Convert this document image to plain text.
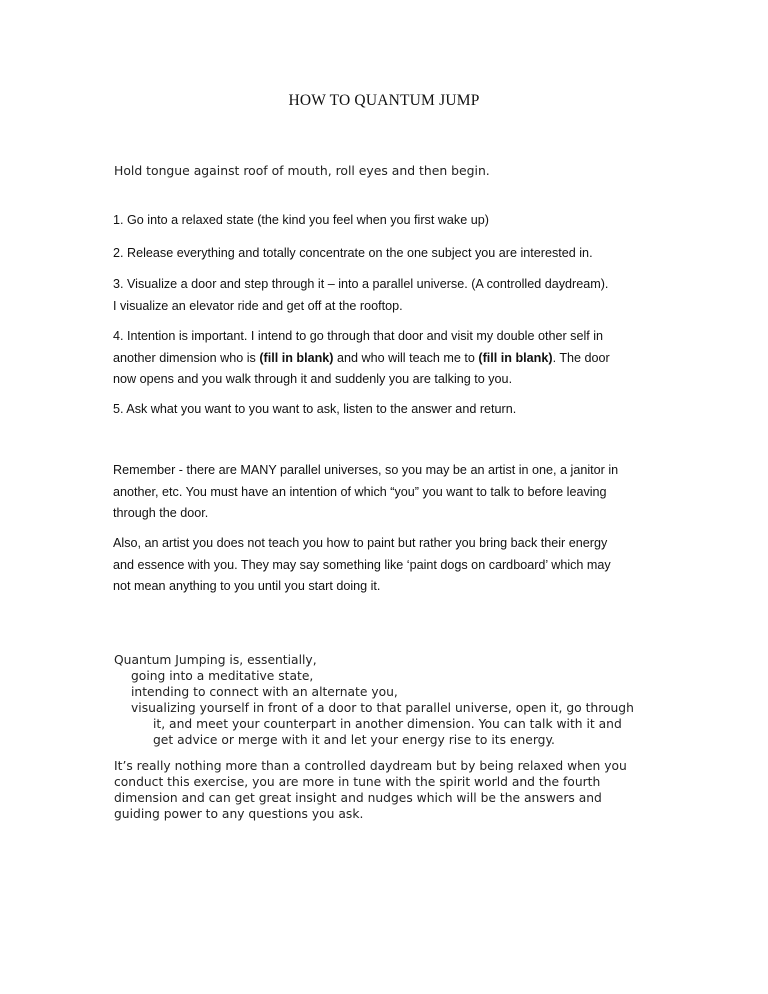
HOW TO QUANTUM JUMP
Hold tongue against roof of mouth, roll eyes and then begin.
1. Go into a relaxed state (the kind you feel when you first wake up)
2. Release everything and totally concentrate on the one subject you are interested in.
3. Visualize a door and step through it – into a parallel universe. (A controlled daydream).
I visualize an elevator ride and get off at the rooftop.
4. Intention is important. I intend to go through that door and visit my double other self in
another dimension who is (fill in blank) and who will teach me to (fill in blank). The door
now opens and you walk through it and suddenly you are talking to you.
5. Ask what you want to you want to ask, listen to the answer and return.
Remember - there are MANY parallel universes, so you may be an artist in one, a janitor in
another, etc. You must have an intention of which “you” you want to talk to before leaving
through the door.
Also, an artist you does not teach you how to paint but rather you bring back their energy
and essence with you. They may say something like ‘paint dogs on cardboard’ which may
not mean anything to you until you start doing it.
Quantum Jumping is, essentially,
going into a meditative state,
intending to connect with an alternate you,
visualizing yourself in front of a door to that parallel universe, open it, go through
it, and meet your counterpart in another dimension. You can talk with it and
get advice or merge with it and let your energy rise to its energy.
It’s really nothing more than a controlled daydream but by being relaxed when you
conduct this exercise, you are more in tune with the spirit world and the fourth
dimension and can get great insight and nudges which will be the answers and
guiding power to any questions you ask.
